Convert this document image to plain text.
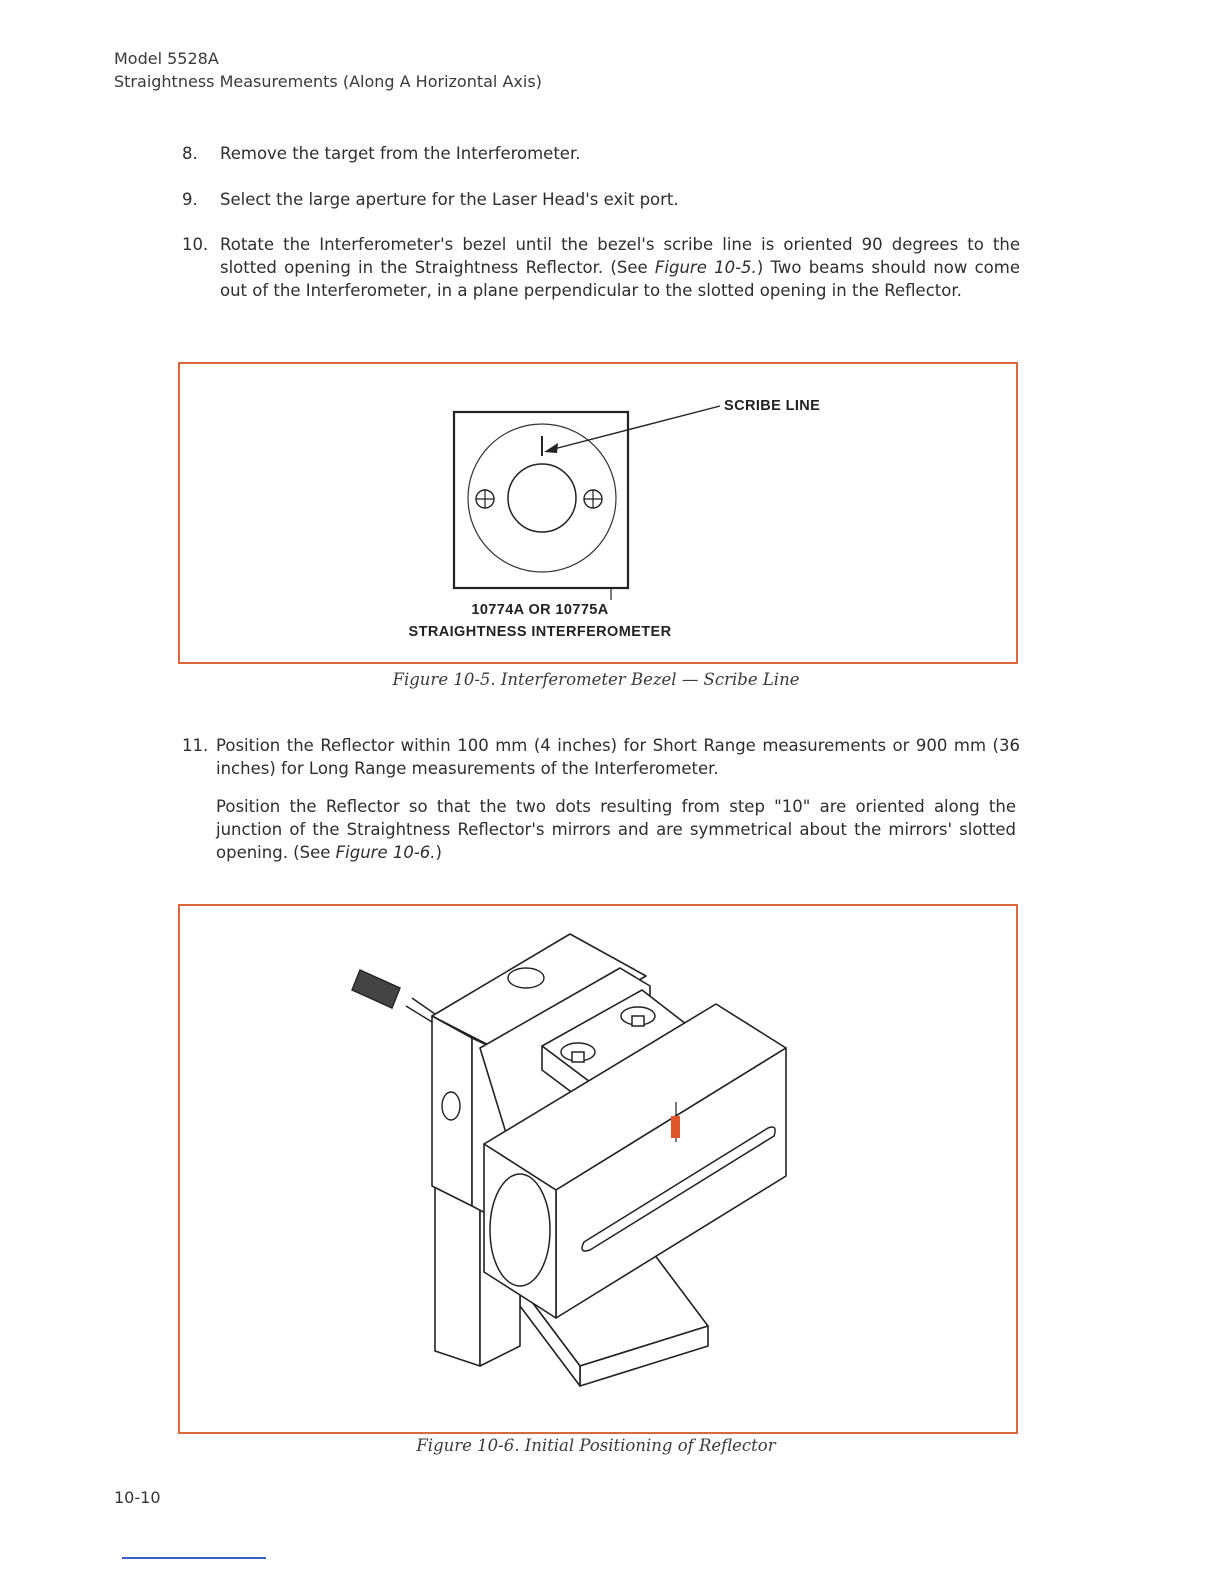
Model 5528A
Straightness Measurements (Along A Horizontal Axis)
8. Remove the target from the Interferometer.
9. Select the large aperture for the Laser Head's exit port.
10. Rotate the Interferometer's bezel until the bezel's scribe line is oriented 90 degrees to the slotted opening in the Straightness Reflector. (See Figure 10-5.) Two beams should now come out of the Interferometer, in a plane perpendicular to the slotted opening in the Reflector.
SCRIBE LINE
10774A OR 10775A
STRAIGHTNESS INTERFEROMETER
Figure 10-5. Interferometer Bezel — Scribe Line
11. Position the Reflector within 100 mm (4 inches) for Short Range measurements or 900 mm (36 inches) for Long Range measurements of the Interferometer.
Position the Reflector so that the two dots resulting from step "10" are oriented along the junction of the Straightness Reflector's mirrors and are symmetrical about the mirrors' slotted opening. (See Figure 10-6.)
Figure 10-6. Initial Positioning of Reflector
10-10
